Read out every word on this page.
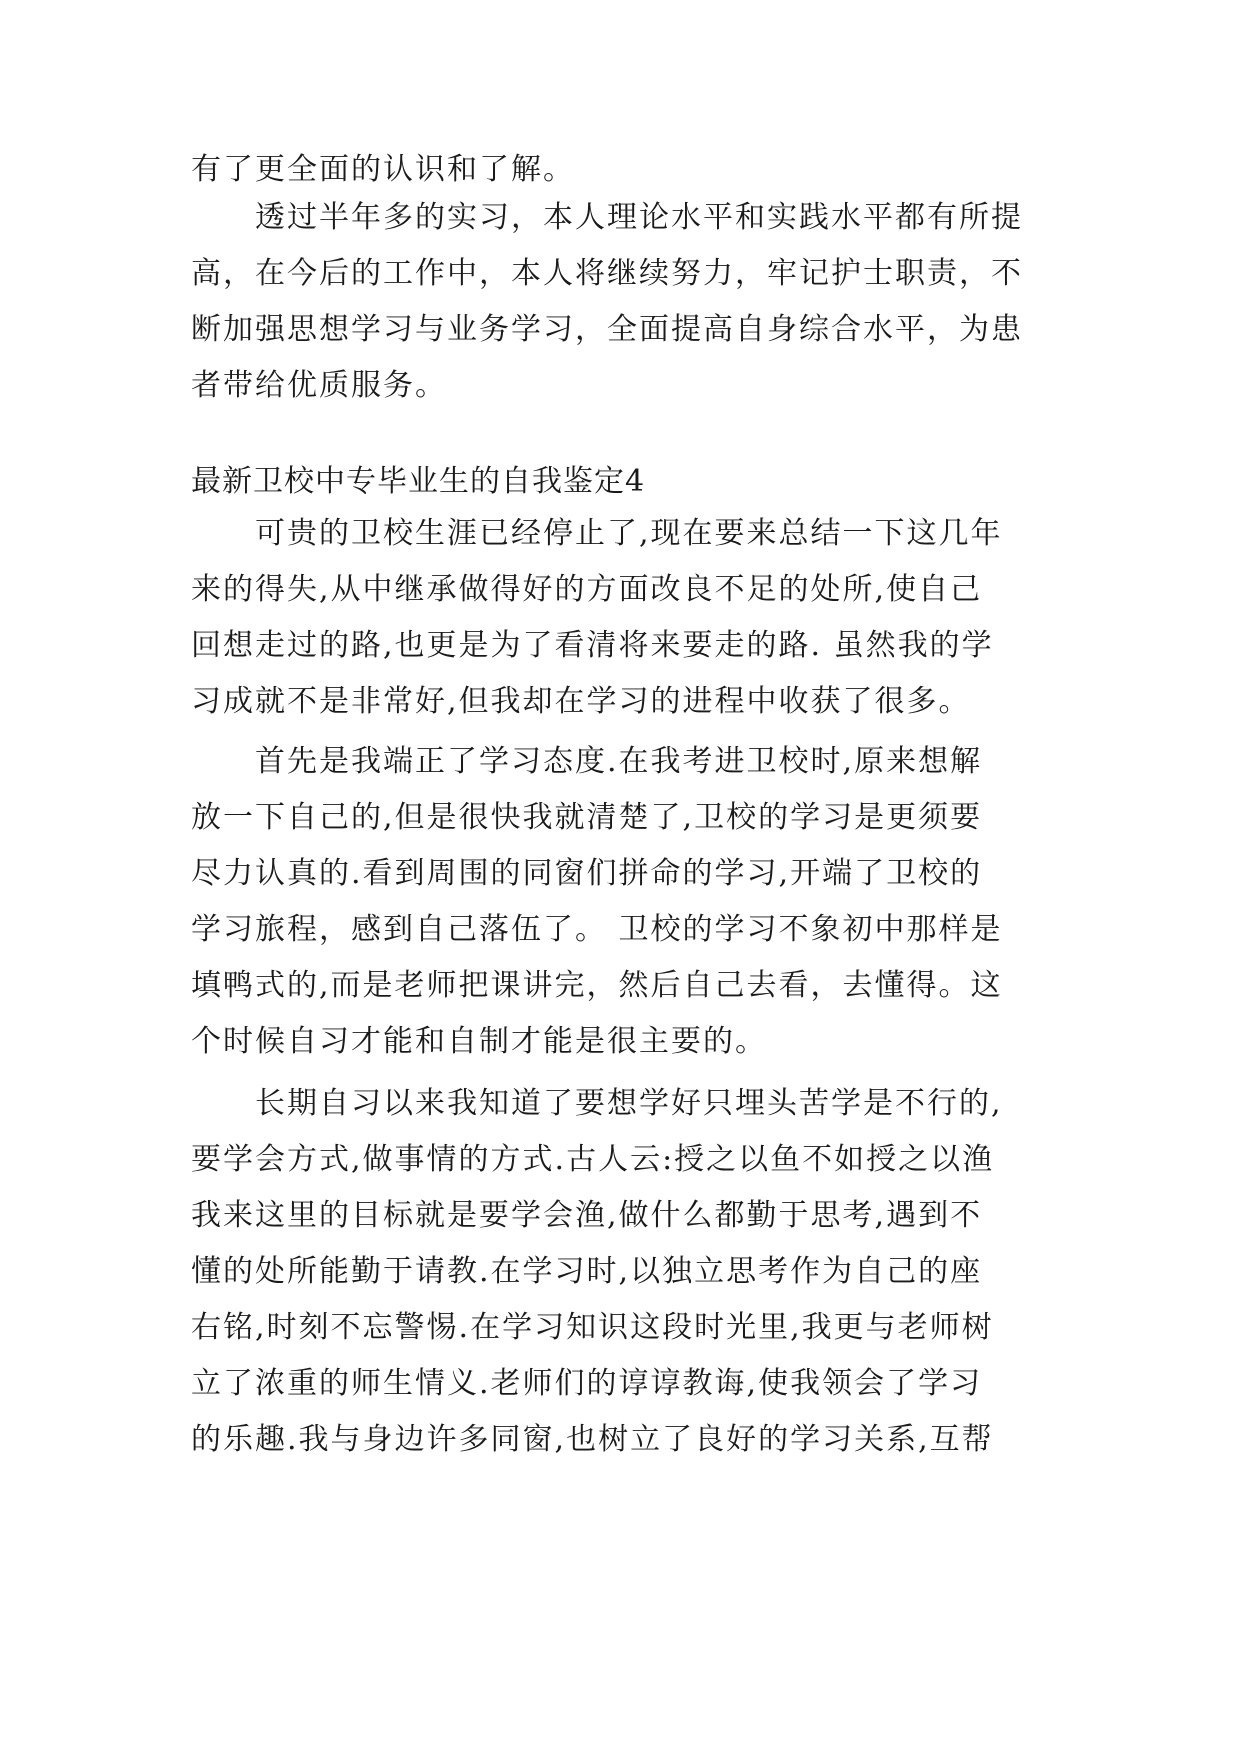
有了更全面的认识和了解。
透过半年多的实习，本人理论水平和实践水平都有所提
高，在今后的工作中，本人将继续努力，牢记护士职责，不
断加强思想学习与业务学习，全面提高自身综合水平，为患
者带给优质服务。
最新卫校中专毕业生的自我鉴定4
可贵的卫校生涯已经停止了,现在要来总结一下这几年
来的得失,从中继承做得好的方面改良不足的处所,使自己
回想走过的路,也更是为了看清将来要走的路. 虽然我的学
习成就不是非常好,但我却在学习的进程中收获了很多。
首先是我端正了学习态度.在我考进卫校时,原来想解
放一下自己的,但是很快我就清楚了,卫校的学习是更须要
尽力认真的.看到周围的同窗们拼命的学习,开端了卫校的
学习旅程，感到自己落伍了。 卫校的学习不象初中那样是
填鸭式的,而是老师把课讲完，然后自己去看，去懂得。这
个时候自习才能和自制才能是很主要的。
长期自习以来我知道了要想学好只埋头苦学是不行的,
要学会方式,做事情的方式.古人云:授之以鱼不如授之以渔
我来这里的目标就是要学会渔,做什么都勤于思考,遇到不
懂的处所能勤于请教.在学习时,以独立思考作为自己的座
右铭,时刻不忘警惕.在学习知识这段时光里,我更与老师树
立了浓重的师生情义.老师们的谆谆教诲,使我领会了学习
的乐趣.我与身边许多同窗,也树立了良好的学习关系,互帮
